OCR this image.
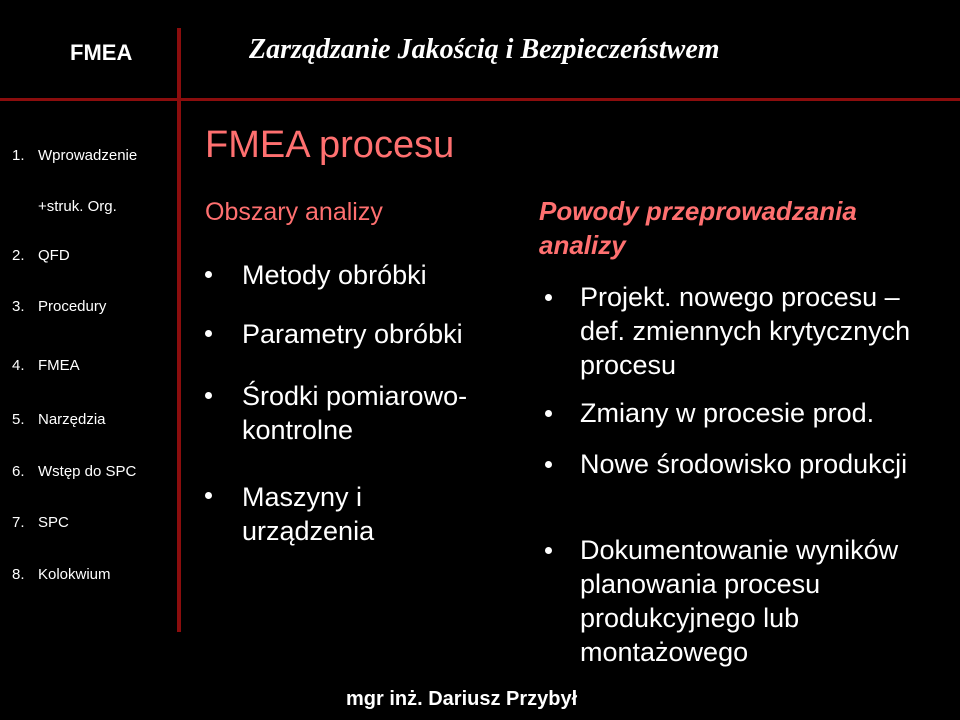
FMEA	Zarządzanie Jakością i Bezpieczeństwem
1. Wprowadzenie
+struk. Org.
2. QFD
3. Procedury
4. FMEA
5. Narzędzia
6. Wstęp do SPC
7. SPC
8. Kolokwium
FMEA procesu
Obszary analizy
Metody obróbki
Parametry obróbki
Środki pomiarowo-kontrolne
Maszyny i urządzenia
Powody przeprowadzania analizy
Projekt. nowego procesu – def. zmiennych krytycznych procesu
Zmiany w procesie prod.
Nowe środowisko produkcji
Dokumentowanie wyników planowania procesu produkcyjnego lub montażowego
mgr inż. Dariusz Przybył
